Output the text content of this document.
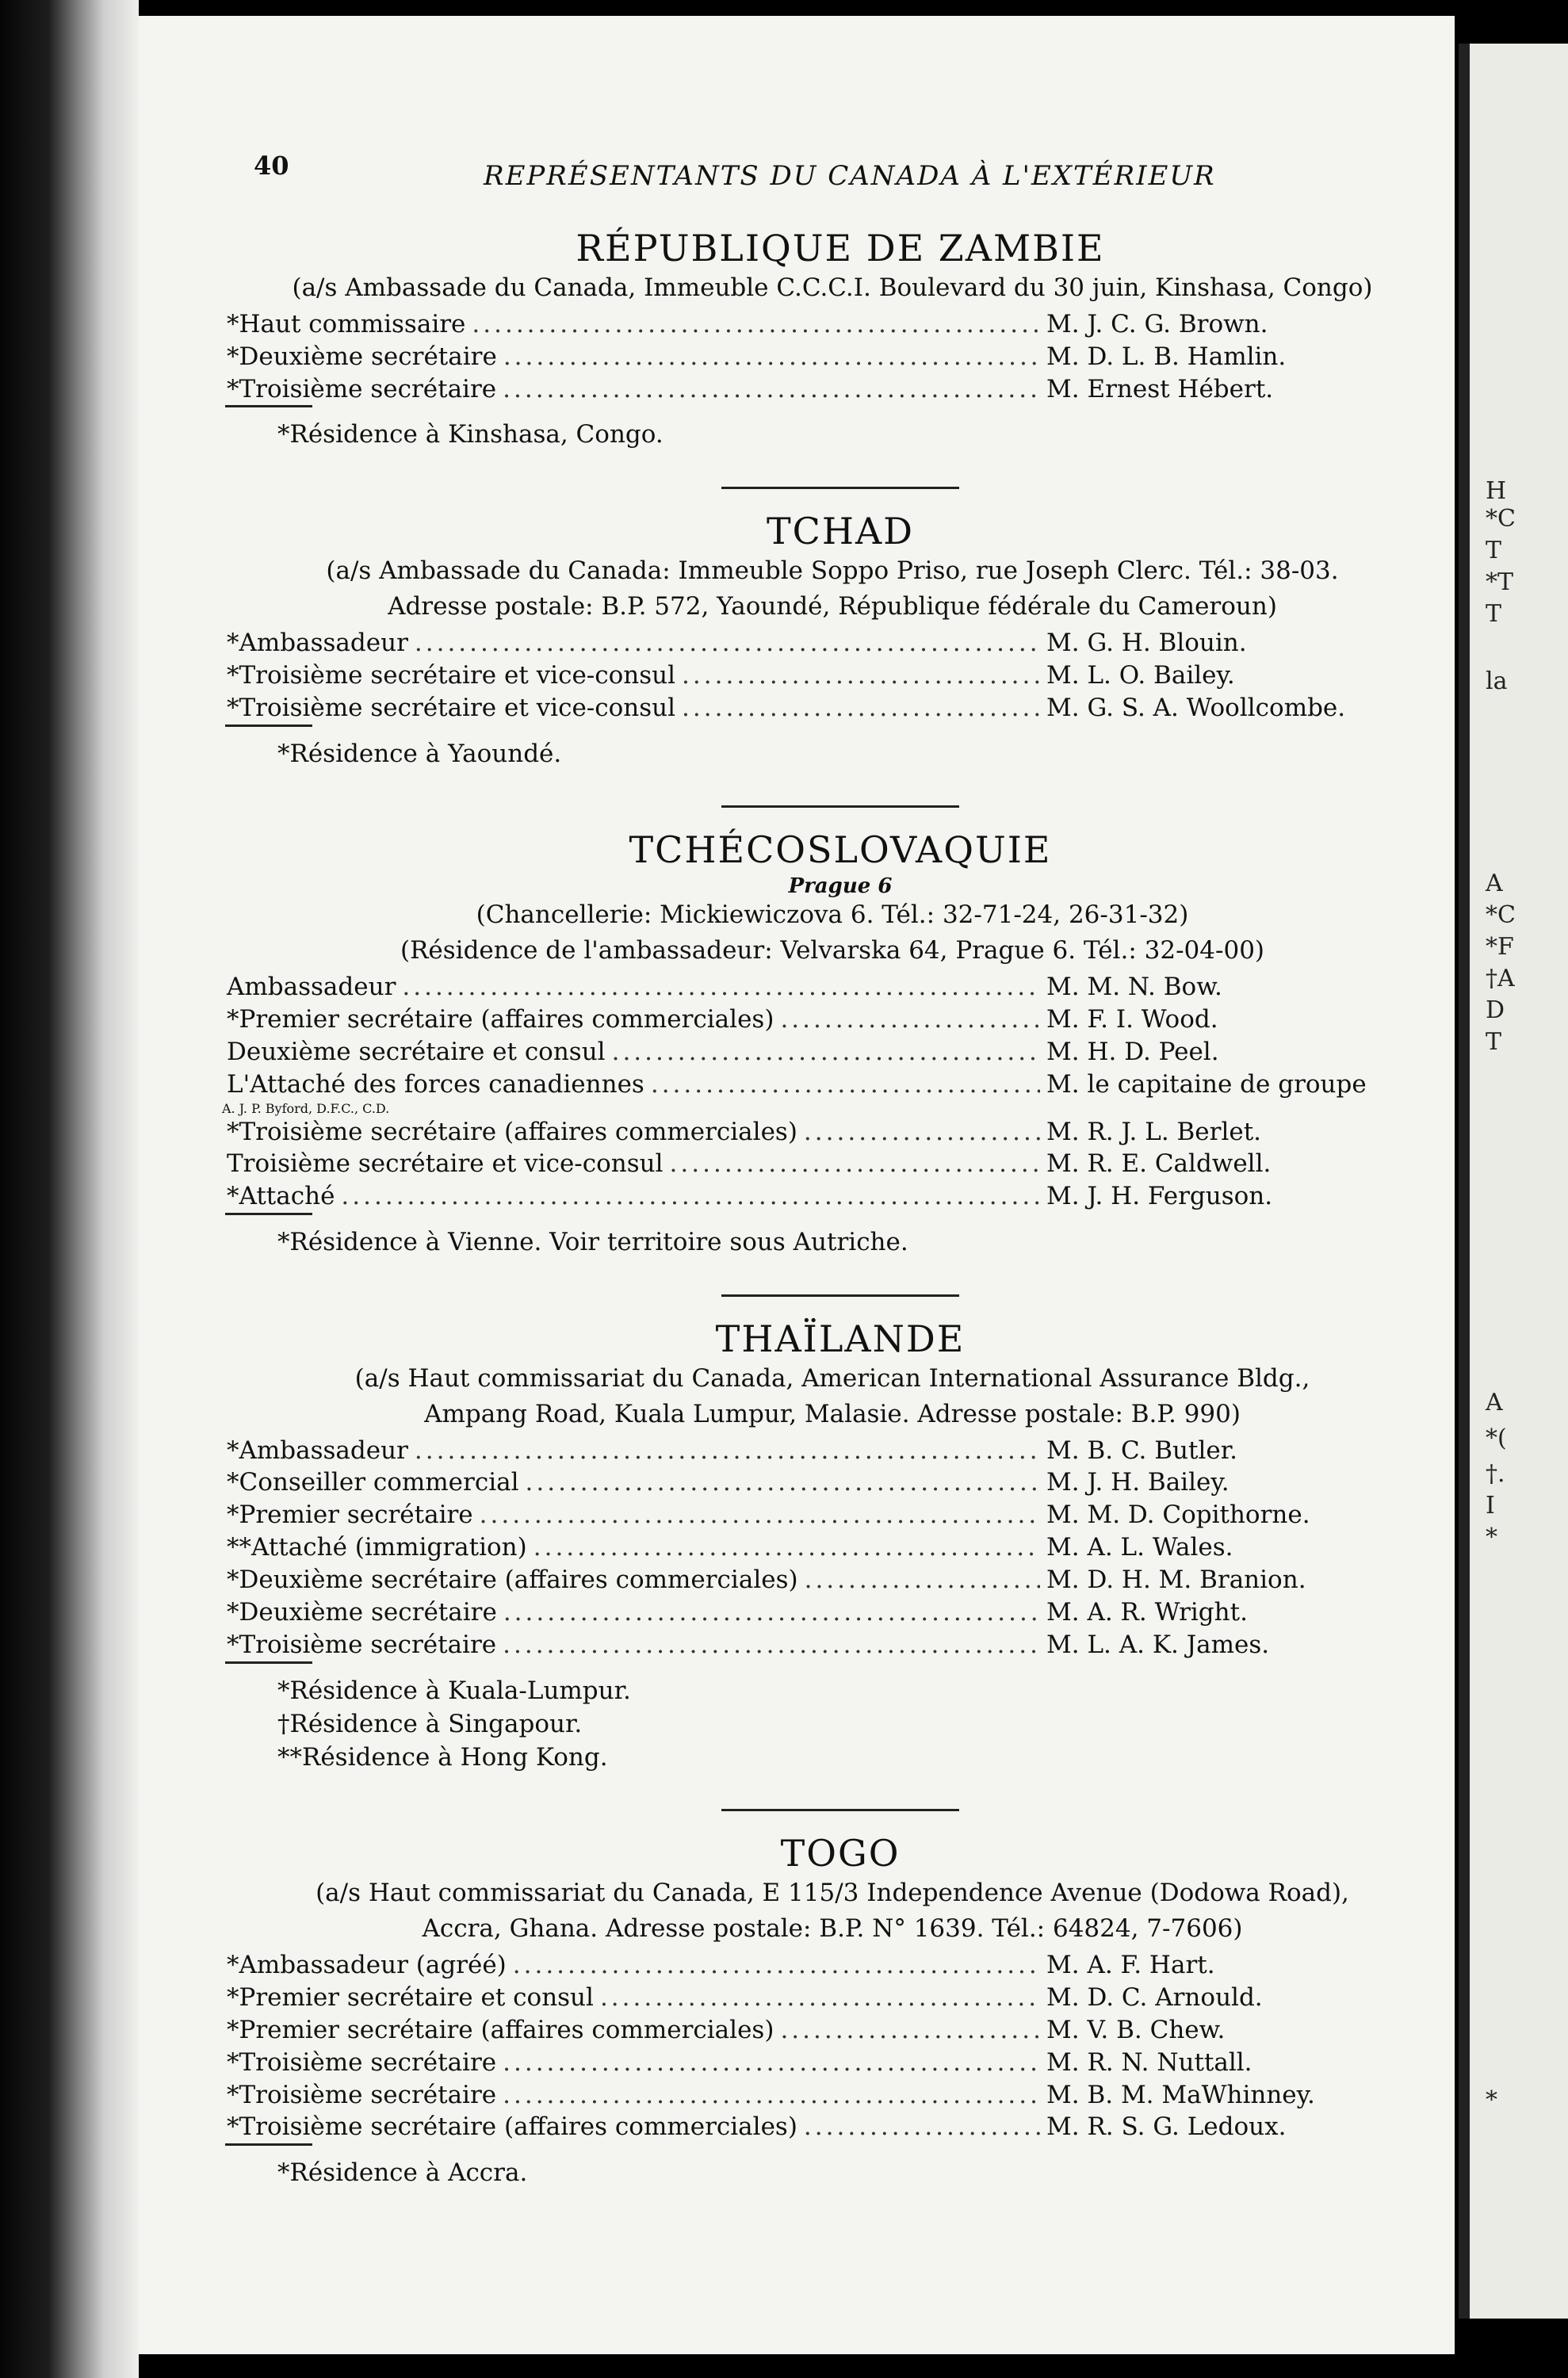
H
*C
T
*T
T
la
A
*C
*F
†A
D
T
A
*(
†.
I
*
*
40	REPRÉSENTANTS DU CANADA À L'EXTÉRIEUR
RÉPUBLIQUE DE ZAMBIE
(a/s Ambassade du Canada, Immeuble C.C.C.I. Boulevard du 30 juin, Kinshasa, Congo)
*Haut commissaire .....	M. J. C. G. Brown.
*Deuxième secrétaire .....	M. D. L. B. Hamlin.
*Troisième secrétaire .....	M. Ernest Hébert.
*Résidence à Kinshasa, Congo.
TCHAD
(a/s Ambassade du Canada: Immeuble Soppo Priso, rue Joseph Clerc. Tél.: 38-03.
Adresse postale: B.P. 572, Yaoundé, République fédérale du Cameroun)
*Ambassadeur .....	M. G. H. Blouin.
*Troisième secrétaire et vice-consul .....	M. L. O. Bailey.
*Troisième secrétaire et vice-consul .....	M. G. S. A. Woollcombe.
*Résidence à Yaoundé.
TCHÉCOSLOVAQUIE
Prague 6
(Chancellerie: Mickiewiczova 6. Tél.: 32-71-24, 26-31-32)
(Résidence de l'ambassadeur: Velvarska 64, Prague 6. Tél.: 32-04-00)
Ambassadeur .....	M. M. N. Bow.
*Premier secrétaire (affaires commerciales) .....	M. F. I. Wood.
Deuxième secrétaire et consul .....	M. H. D. Peel.
L'Attaché des forces canadiennes .....	M. le capitaine de groupe
A. J. P. Byford, D.F.C., C.D.
*Troisième secrétaire (affaires commerciales) .....	M. R. J. L. Berlet.
Troisième secrétaire et vice-consul .....	M. R. E. Caldwell.
*Attaché .....	M. J. H. Ferguson.
*Résidence à Vienne. Voir territoire sous Autriche.
THAÏLANDE
(a/s Haut commissariat du Canada, American International Assurance Bldg.,
Ampang Road, Kuala Lumpur, Malasie. Adresse postale: B.P. 990)
*Ambassadeur .....	M. B. C. Butler.
*Conseiller commercial .....	M. J. H. Bailey.
*Premier secrétaire .....	M. M. D. Copithorne.
**Attaché (immigration) .....	M. A. L. Wales.
*Deuxième secrétaire (affaires commerciales) .....	M. D. H. M. Branion.
*Deuxième secrétaire .....	M. A. R. Wright.
*Troisième secrétaire .....	M. L. A. K. James.
*Résidence à Kuala-Lumpur.
†Résidence à Singapour.
**Résidence à Hong Kong.
TOGO
(a/s Haut commissariat du Canada, E 115/3 Independence Avenue (Dodowa Road),
Accra, Ghana. Adresse postale: B.P. N° 1639. Tél.: 64824, 7-7606)
*Ambassadeur (agréé) .....	M. A. F. Hart.
*Premier secrétaire et consul .....	M. D. C. Arnould.
*Premier secrétaire (affaires commerciales) .....	M. V. B. Chew.
*Troisième secrétaire .....	M. R. N. Nuttall.
*Troisième secrétaire .....	M. B. M. MaWhinney.
*Troisième secrétaire (affaires commerciales) .....	M. R. S. G. Ledoux.
*Résidence à Accra.
